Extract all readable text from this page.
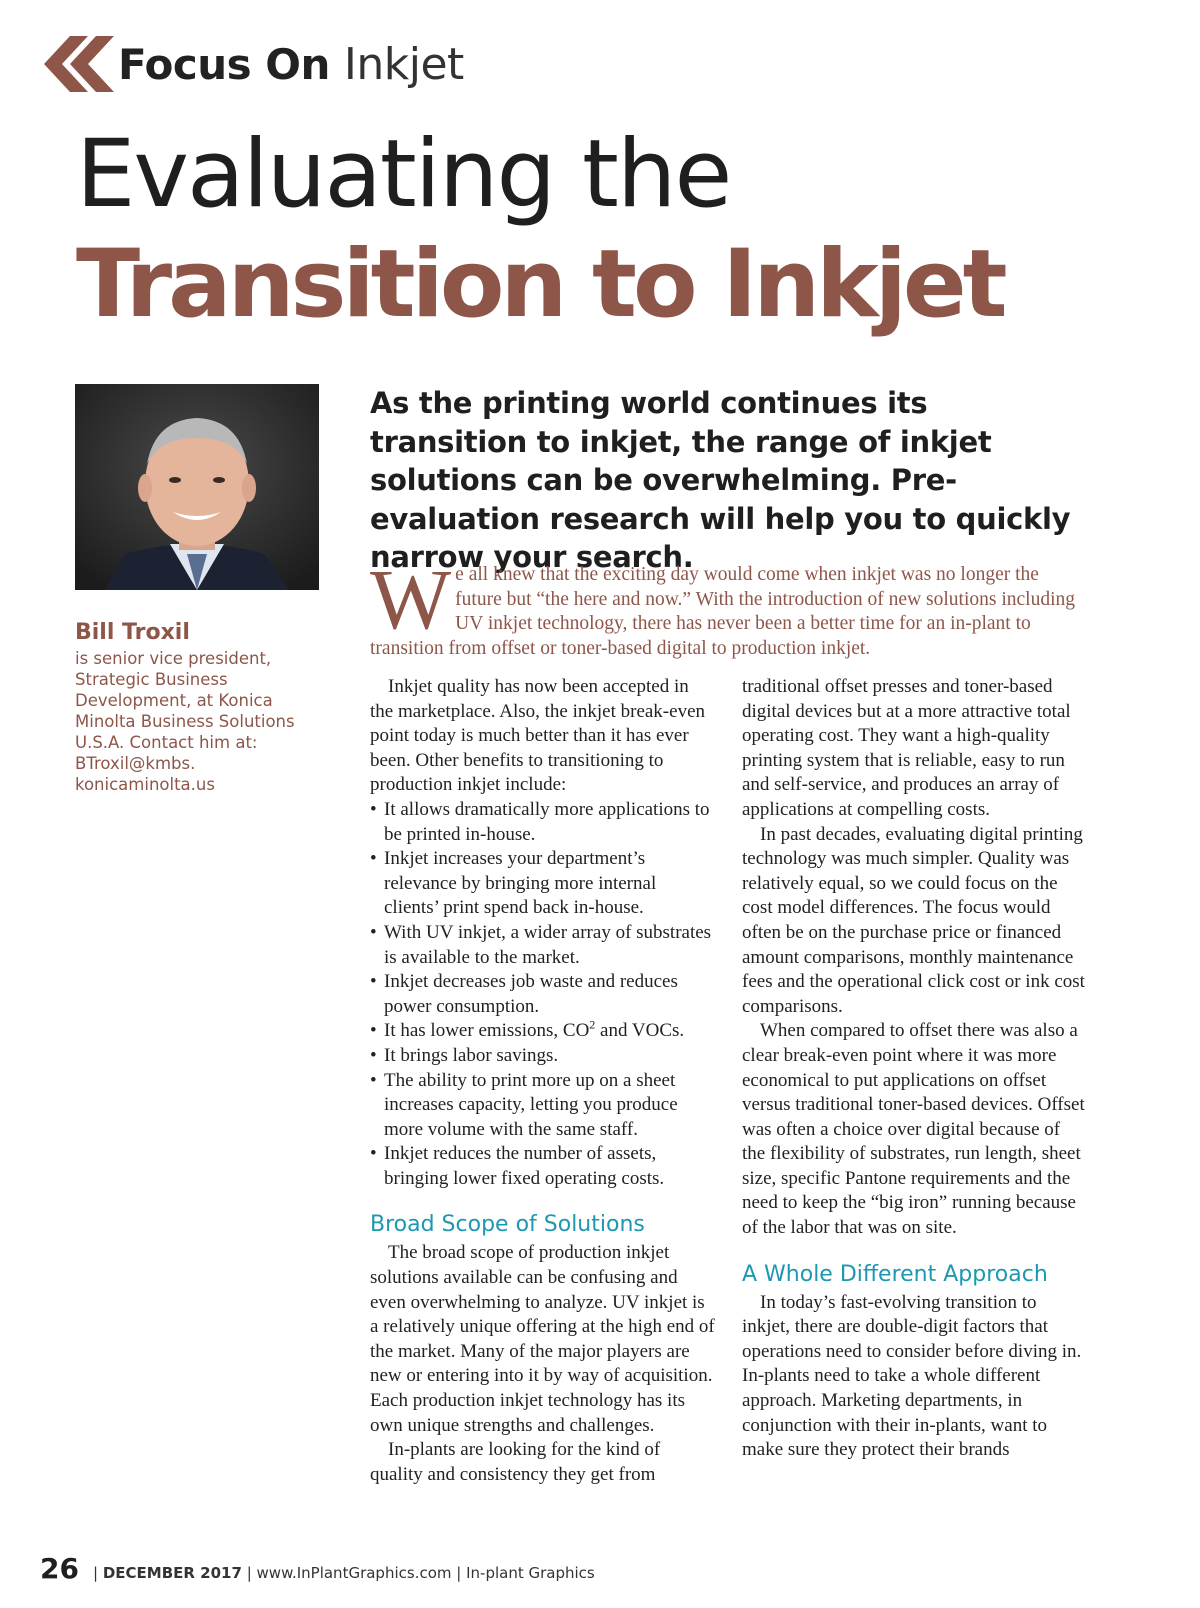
Focus On Inkjet
Evaluating the
Transition to Inkjet
Bill Troxil
is senior vice president, Strategic Business Development, at Konica Minolta Business Solutions U.S.A. Contact him at: BTroxil@kmbs. konicaminolta.us
As the printing world continues its transition to inkjet, the range of inkjet solutions can be overwhelming. Pre-evaluation research will help you to quickly narrow your search.
W e all knew that the exciting day would come when inkjet was no longer the future but “the here and now.” With the introduction of new solutions including UV inkjet technology, there has never been a better time for an in-plant to transition from offset or toner-based digital to production inkjet.

Inkjet quality has now been accepted in the marketplace. Also, the inkjet break-even point today is much better than it has ever been. Other benefits to transitioning to production inkjet include:

• It allows dramatically more applications to be printed in-house.
• Inkjet increases your department’s relevance by bringing more internal clients’ print spend back in-house.
• With UV inkjet, a wider array of substrates is available to the market.
• Inkjet decreases job waste and reduces power consumption.
• It has lower emissions, $CO^2$ and VOCs.
• It brings labor savings.
• The ability to print more up on a sheet increases capacity, letting you produce more volume with the same staff.
• Inkjet reduces the number of assets, bringing lower fixed operating costs.
Broad Scope of Solutions

The broad scope of production inkjet solutions available can be confusing and even overwhelming to analyze. UV inkjet is a relatively unique offering at the high end of the market. Many of the major players are new or entering into it by way of acquisition. Each production inkjet technology has its own unique strengths and challenges.

In-plants are looking for the kind of quality and consistency they get from

traditional offset presses and toner-based digital devices but at a more attractive total operating cost. They want a high-quality printing system that is reliable, easy to run and self-service, and produces an array of applications at compelling costs.

In past decades, evaluating digital printing technology was much simpler. Quality was relatively equal, so we could focus on the cost model differences. The focus would often be on the purchase price or financed amount comparisons, monthly maintenance fees and the operational click cost or ink cost comparisons.

When compared to offset there was also a clear break-even point where it was more economical to put applications on offset versus traditional toner-based devices. Offset was often a choice over digital because of the flexibility of substrates, run length, sheet size, specific Pantone requirements and the need to keep the “big iron” running because of the labor that was on site.

A Whole Different Approach

In today’s fast-evolving transition to inkjet, there are double-digit factors that operations need to consider before diving in. In-plants need to take a whole different approach. Marketing departments, in conjunction with their in-plants, want to make sure they protect their brands

26 | DECEMBER 2017 | www.InPlantGraphics.com | In-plant Graphics
